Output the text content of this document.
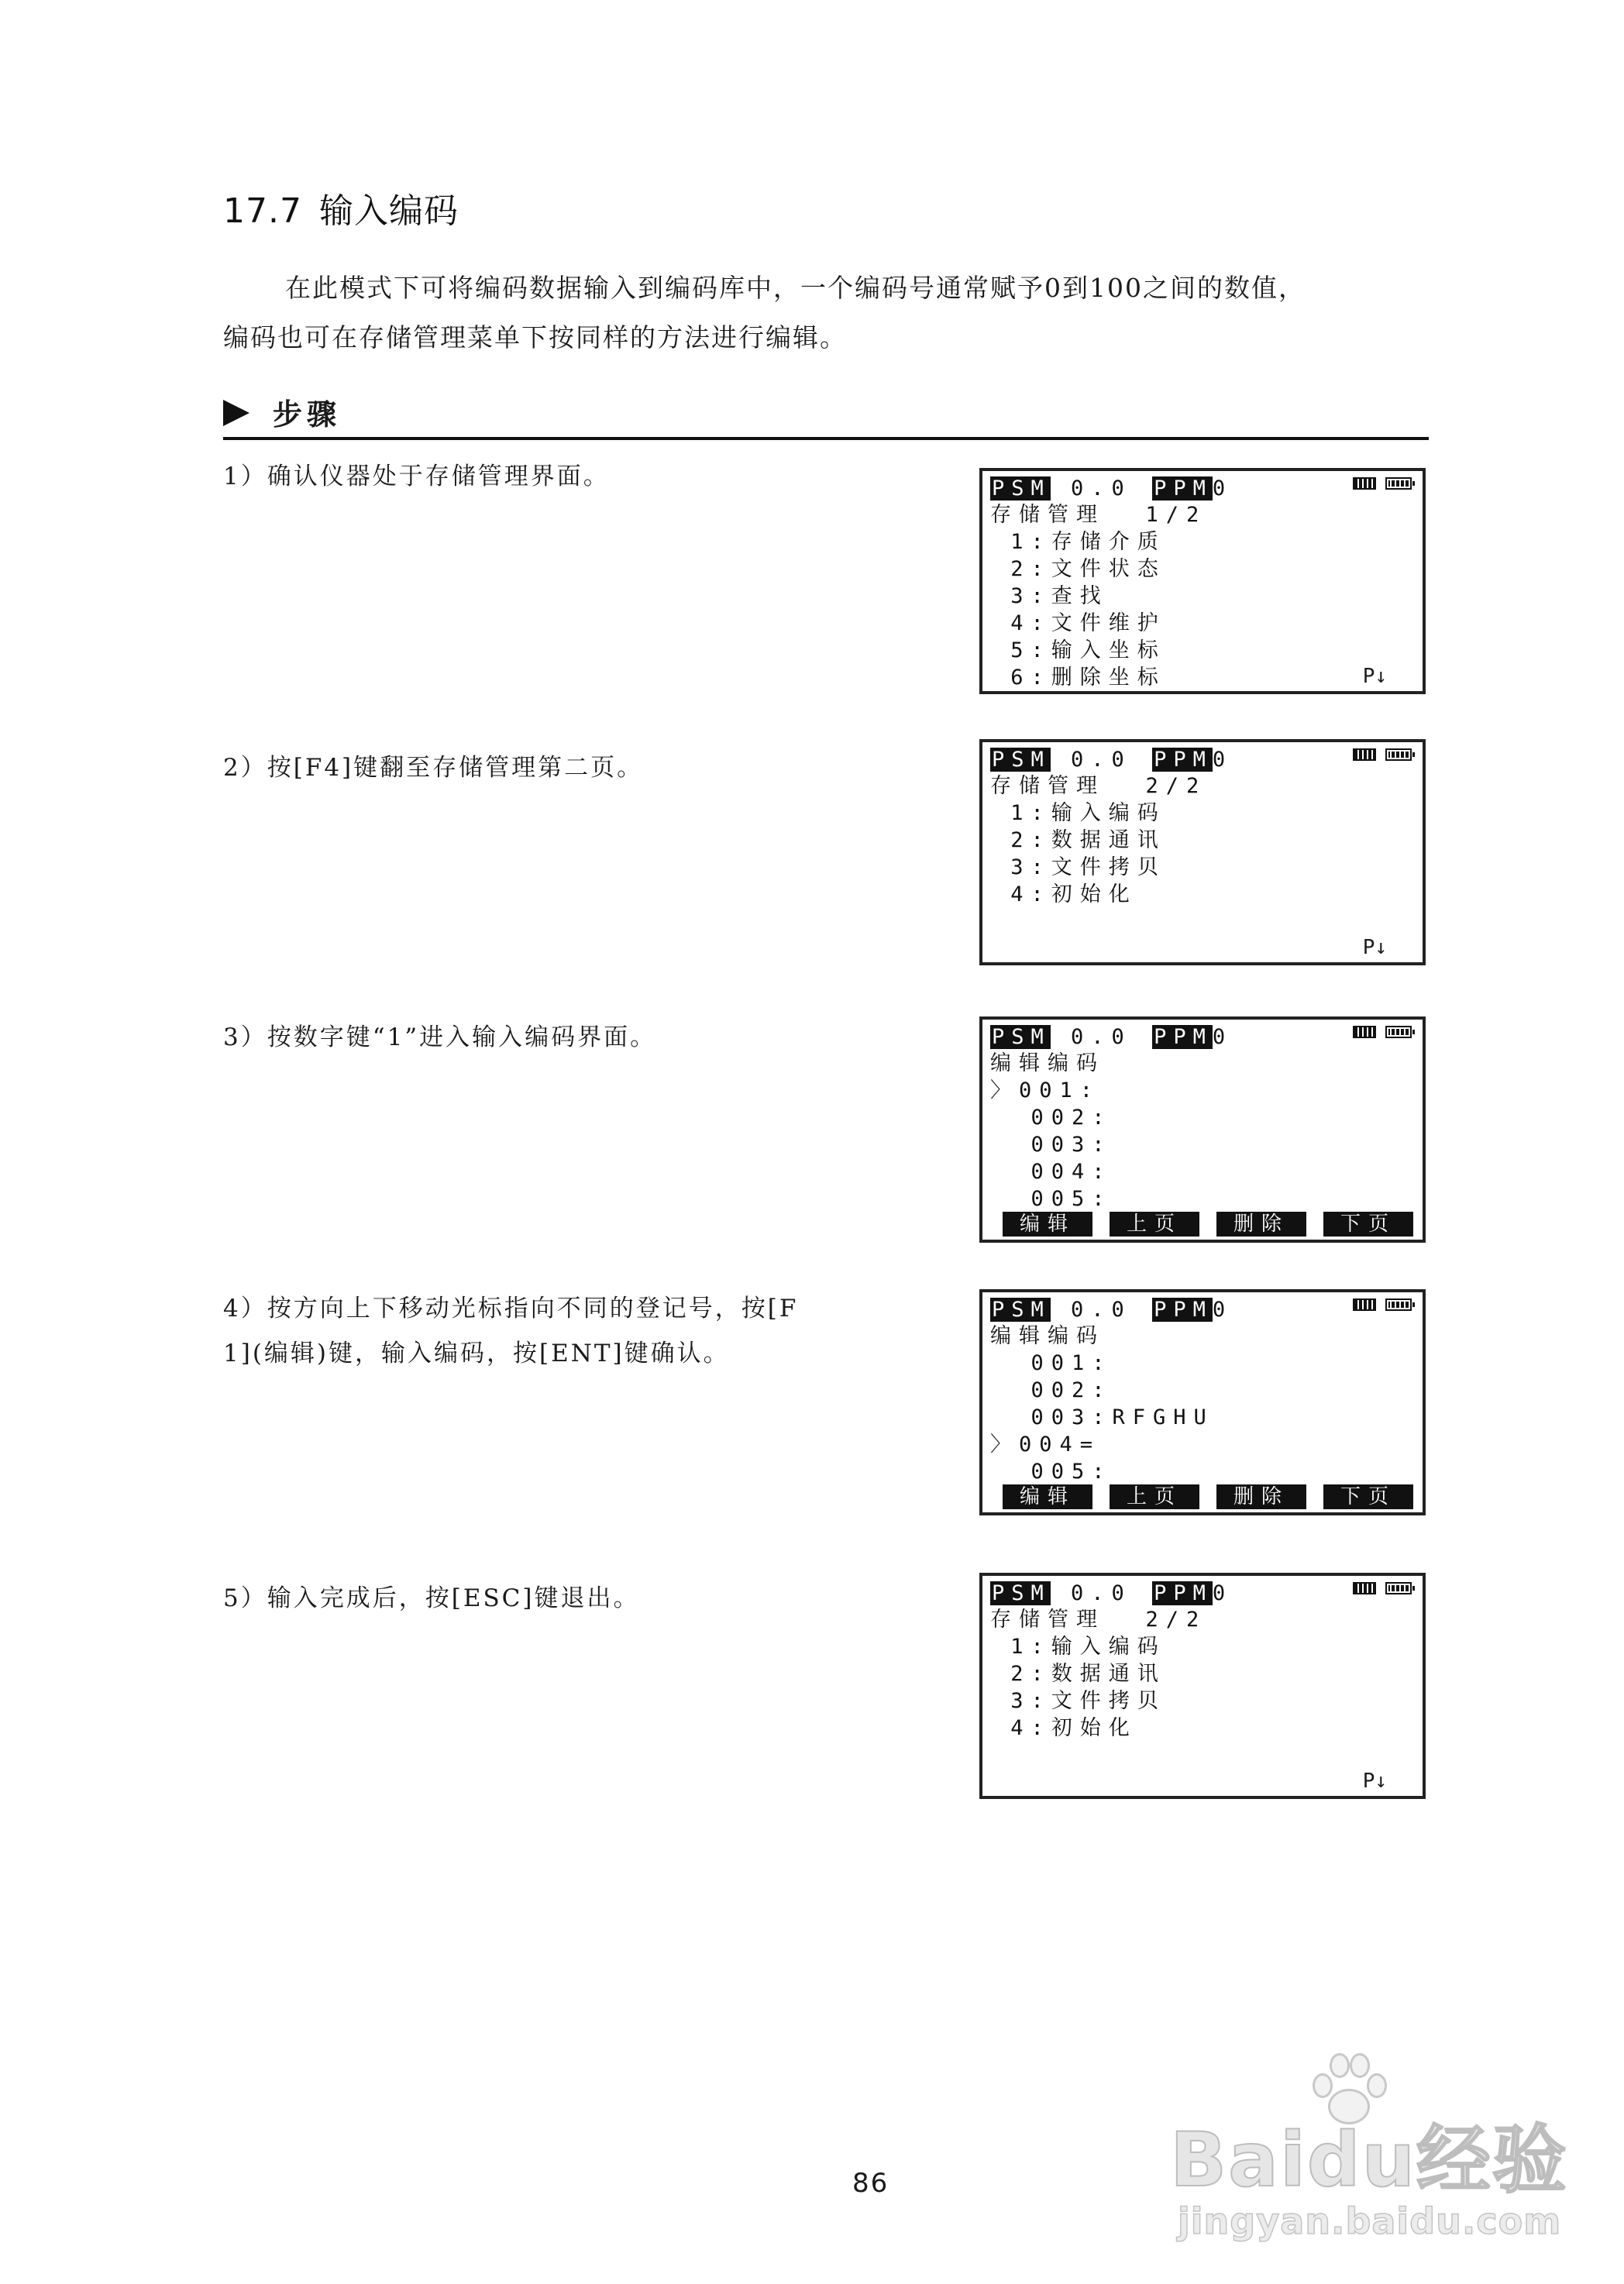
17.7 输入编码

在此模式下可将编码数据输入到编码库中，一个编码号通常赋予0到100之间的数值，

编码也可在存储管理菜单下按同样的方法进行编辑。

步骤
1）确认仪器处于存储管理界面。
2）按[F4]键翻至存储管理第二页。
3）按数字键“1”进入输入编码界面。
4）按方向上下移动光标指向不同的登记号，按[F
1](编辑)键，输入编码，按[ENT]键确认。
5）输入完成后，按[ESC]键退出。
PSM 0.0 PPM0
存储管理  1/2
1:存储介质
2:文件状态
3:查找
4:文件维护
5:输入坐标
6:删除坐标	P↓
PSM 0.0 PPM0
存储管理  2/2
1:输入编码
2:数据通讯
3:文件拷贝
4:初始化
P↓
PSM 0.0 PPM0
编辑编码
〉001:
002:
003:
004:
005:
编辑	上页	删除	下页
PSM 0.0 PPM0
编辑编码
001:
002:
003:RFGHU
〉004=
005:
编辑	上页	删除	下页
PSM 0.0 PPM0
存储管理  2/2
1:输入编码
2:数据通讯
3:文件拷贝
4:初始化
P↓
86	Baidu经验
jingyan.baidu.com
